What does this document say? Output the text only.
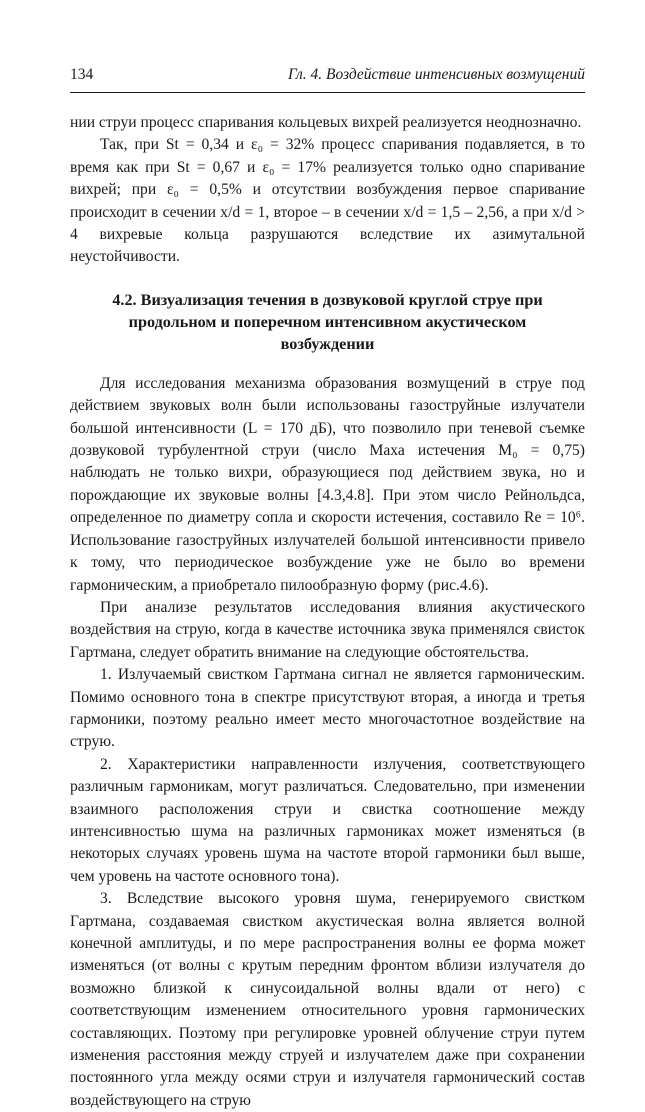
134	Гл. 4. Воздействие интенсивных возмущений

нии струи процесс спаривания кольцевых вихрей реализуется неоднозначно.

Так, при St = 0,34 и ε₀ = 32% процесс спаривания подавляется, в то время как при St = 0,67 и ε₀ = 17% реализуется только одно спаривание вихрей; при ε₀ = 0,5% и отсутствии возбуждения первое спаривание происходит в сечении x/d = 1, второе – в сечении x/d = 1,5 – 2,56, а при x/d > 4 вихревые кольца разрушаются вследствие их азимутальной неустойчивости.

4.2. Визуализация течения в дозвуковой круглой струе при продольном и поперечном интенсивном акустическом возбуждении

Для исследования механизма образования возмущений в струе под действием звуковых волн были использованы газоструйные излучатели большой интенсивности (L = 170 дБ), что позволило при теневой съемке дозвуковой турбулентной струи (число Маха истечения M₀ = 0,75) наблюдать не только вихри, образующиеся под действием звука, но и порождающие их звуковые волны [4.3,4.8]. При этом число Рейнольдса, определенное по диаметру сопла и скорости истечения, составило Re = 10⁶. Использование газоструйных излучателей большой интенсивности привело к тому, что периодическое возбуждение уже не было во времени гармоническим, а приобретало пилообразную форму (рис.4.6).

При анализе результатов исследования влияния акустического воздействия на струю, когда в качестве источника звука применялся свисток Гартмана, следует обратить внимание на следующие обстоятельства.

1. Излучаемый свистком Гартмана сигнал не является гармоническим. Помимо основного тона в спектре присутствуют вторая, а иногда и третья гармоники, поэтому реально имеет место многочастотное воздействие на струю.

2. Характеристики направленности излучения, соответствующего различным гармоникам, могут различаться. Следовательно, при изменении взаимного расположения струи и свистка соотношение между интенсивностью шума на различных гармониках может изменяться (в некоторых случаях уровень шума на частоте второй гармоники был выше, чем уровень на частоте основного тона).

3. Вследствие высокого уровня шума, генерируемого свистком Гартмана, создаваемая свистком акустическая волна является волной конечной амплитуды, и по мере распространения волны ее форма может изменяться (от волны с крутым передним фронтом вблизи излучателя до возможно близкой к синусоидальной волны вдали от него) с соответствующим изменением относительного уровня гармонических составляющих. Поэтому при регулировке уровней облучение струи путем изменения расстояния между струей и излучателем даже при сохранении постоянного угла между осями струи и излучателя гармонический состав воздействующего на струю
